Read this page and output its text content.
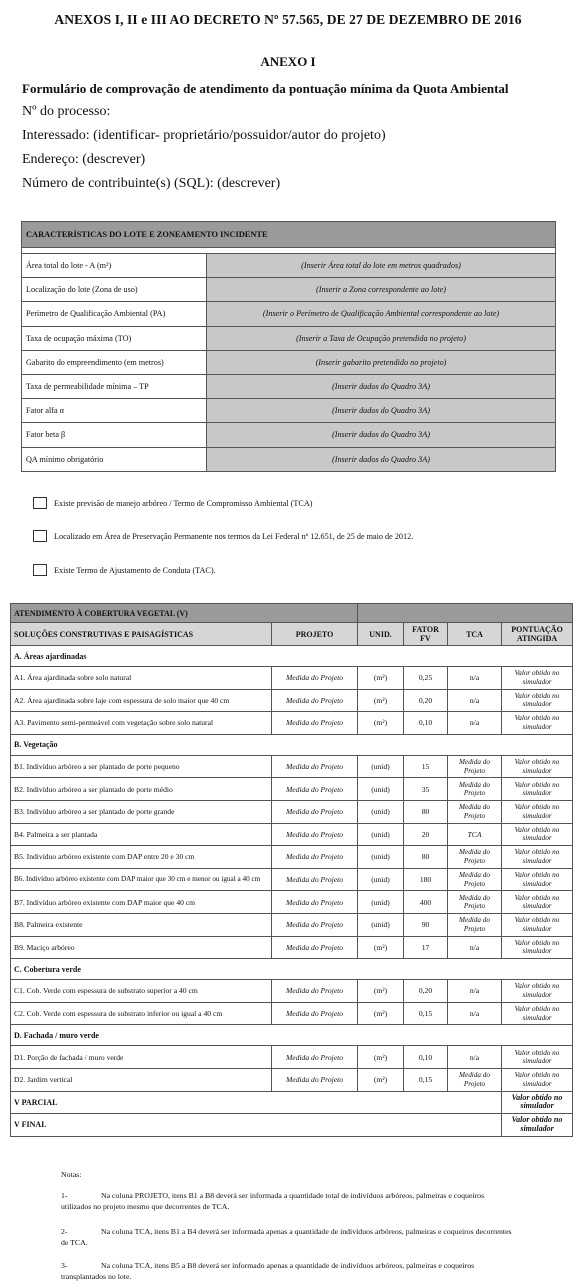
ANEXOS I, II e III AO DECRETO Nº 57.565, DE 27 DE DEZEMBRO DE 2016
ANEXO I
Formulário de comprovação de atendimento da pontuação mínima da Quota Ambiental
Nº do processo:
Interessado: (identificar- proprietário/possuidor/autor do projeto)
Endereço: (descrever)
Número de contribuinte(s) (SQL): (descrever)
CARACTERÍSTICAS DO LOTE E ZONEAMENTO INCIDENTE	

Área total do lote - A (m²)	(Inserir Área total do lote em metros quadrados)
Localização do lote (Zona de uso)	(Inserir a Zona correspondente ao lote)
Perímetro de Qualificação Ambiental (PA)	(Inserir o Perímetro de Qualificação Ambiental correspondente ao lote)
Taxa de ocupação máxima (TO)	(Inserir a Taxa de Ocupação pretendida no projeto)
Gabarito do empreendimento (em metros)	(Inserir gabarito pretendido no projeto)
Taxa de permeabilidade mínima – TP	(Inserir dados do Quadro 3A)
Fator alfa α	(Inserir dados do Quadro 3A)
Fator beta β	(Inserir dados do Quadro 3A)
QA mínimo obrigatório	(Inserir dados do Quadro 3A)
Existe previsão de manejo arbóreo / Termo de Compromisso Ambiental (TCA)
Localizado em Área de Preservação Permanente nos termos da Lei Federal nº 12.651, de 25 de maio de 2012.
Existe Termo de Ajustamento de Conduta (TAC).
ATENDIMENTO À COBERTURA VEGETAL (V)					
SOLUÇÕES CONSTRUTIVAS E PAISAGÍSTICAS	PROJETO	UNID.	FATOR FV	TCA	PONTUAÇÃO ATINGIDA
A. Áreas ajardinadas					
A1. Área ajardinada sobre solo natural	Medida do Projeto	(m²)	0,25	n/a	Valor obtido no simulador
A2. Área ajardinada sobre laje com espessura de solo maior que 40 cm	Medida do Projeto	(m²)	0,20	n/a	Valor obtido no simulador
A3. Pavimento semi-permeável com vegetação sobre solo natural	Medida do Projeto	(m²)	0,10	n/a	Valor obtido no simulador
B. Vegetação					
B1. Indivíduo arbóreo a ser plantado de porte pequeno	Medida do Projeto	(unid)	15	Medida do Projeto	Valor obtido no simulador
B2. Indivíduo arbóreo a ser plantado de porte médio	Medida do Projeto	(unid)	35	Medida do Projeto	Valor obtido no simulador
B3. Indivíduo arbóreo a ser plantado de porte grande	Medida do Projeto	(unid)	80	Medida do Projeto	Valor obtido no simulador
B4. Palmeira a ser plantada	Medida do Projeto	(unid)	20	TCA	Valor obtido no simulador
B5. Indivíduo arbóreo existente com DAP entre 20 e 30 cm	Medida do Projeto	(unid)	80	Medida do Projeto	Valor obtido no simulador
B6. Indivíduo arbóreo existente com DAP maior que 30 cm e menor ou igual a 40 cm	Medida do Projeto	(unid)	180	Medida do Projeto	Valor obtido no simulador
B7. Indivíduo arbóreo existente com DAP maior que 40 cm	Medida do Projeto	(unid)	400	Medida do Projeto	Valor obtido no simulador
B8. Palmeira existente	Medida do Projeto	(unid)	90	Medida do Projeto	Valor obtido no simulador
B9. Maciço arbóreo	Medida do Projeto	(m²)	17	n/a	Valor obtido no simulador
C. Cobertura verde					
C1. Cob. Verde com espessura de substrato superior a 40 cm	Medida do Projeto	(m²)	0,20	n/a	Valor obtido no simulador
C2. Cob. Verde com espessura de substrato inferior ou igual a 40 cm	Medida do Projeto	(m²)	0,15	n/a	Valor obtido no simulador
D. Fachada / muro verde					
D1. Porção de fachada / muro verde	Medida do Projeto	(m²)	0,10	n/a	Valor obtido no simulador
D2. Jardim vertical	Medida do Projeto	(m²)	0,15	Medida do Projeto	Valor obtido no simulador
V PARCIAL					Valor obtido no simulador
V FINAL					Valor obtido no simulador
Notas:
1-	Na coluna PROJETO, itens B1 a B8 deverá ser informada a quantidade total de indivíduos arbóreos, palmeiras e coqueiros utilizados no projeto mesmo que decorrentes de TCA.
2-	Na coluna TCA, itens B1 a B4 deverá ser informada apenas a quantidade de indivíduos arbóreos, palmeiras e coqueiros decorrentes de TCA.
3-	Na coluna TCA, itens B5 a B8 deverá ser informado apenas a quantidade de indivíduos arbóreos, palmeiras e coqueiros transplantados no lote.
